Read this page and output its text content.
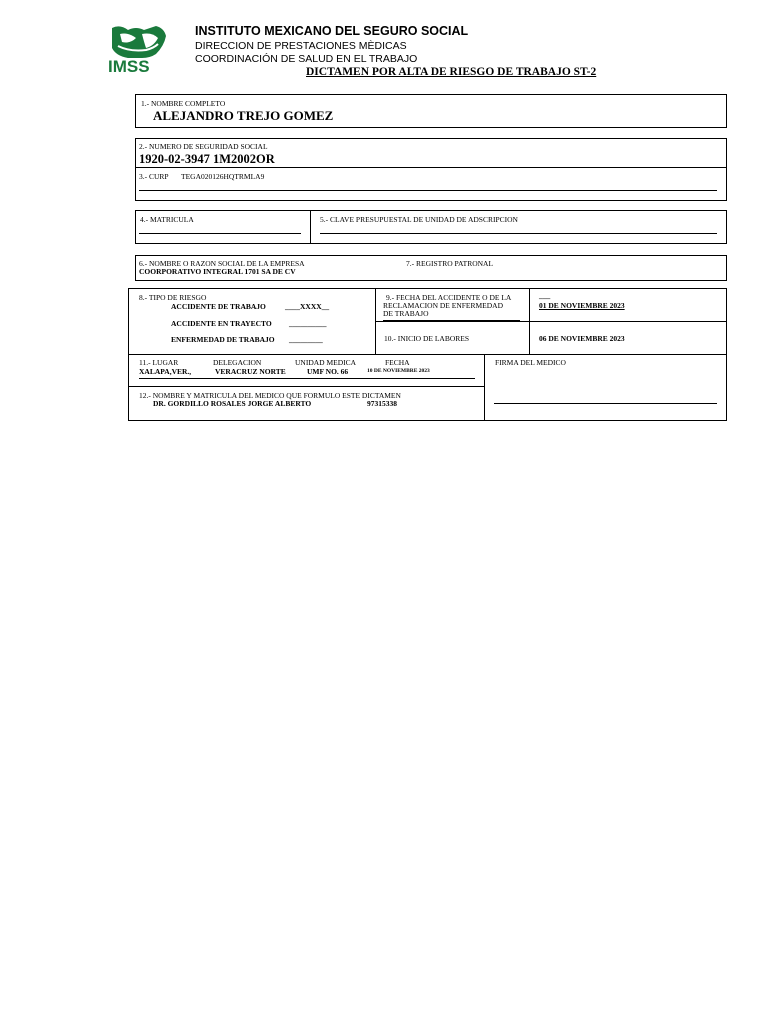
IMSS
INSTITUTO MEXICANO DEL SEGURO SOCIAL
DIRECCION DE PRESTACIONES MÈDICAS
COORDINACIÓN DE SALUD EN EL TRABAJO
DICTAMEN POR ALTA DE RIESGO DE TRABAJO ST-2
1.- NOMBRE COMPLETO
ALEJANDRO TREJO GOMEZ
2.- NUMERO DE SEGURIDAD SOCIAL
1920-02-3947 1M2002OR
3.- CURP TEGA020126HQTRMLA9
4.- MATRICULA	5.- CLAVE PRESUPUESTAL DE UNIDAD DE ADSCRIPCION
6.- NOMBRE O RAZON SOCIAL DE LA EMPRESA
COORPORATIVO INTEGRAL 1701 SA DE CV
7.- REGISTRO PATRONAL
8.- TIPO DE RIESGO
ACCIDENTE DE TRABAJO	____XXXX__
ACCIDENTE EN TRAYECTO __________
ENFERMEDAD DE TRABAJO _________
9.- FECHA DEL ACCIDENTE O DE LA
RECLAMACION DE ENFERMEDAD
DE TRABAJO
___
01 DE NOVIEMBRE 2023
10.- INICIO DE LABORES	06 DE NOVIEMBRE 2023
11.- LUGAR	DELEGACION	UNIDAD MEDICA	FECHA
XALAPA,VER.,	VERACRUZ NORTE	UMF NO. 66	10 DE NOVIEMBRE 2023
FIRMA DEL MEDICO
12.- NOMBRE Y MATRICULA DEL MEDICO QUE FORMULO ESTE DICTAMEN
DR. GORDILLO ROSALES JORGE ALBERTO	97315338
